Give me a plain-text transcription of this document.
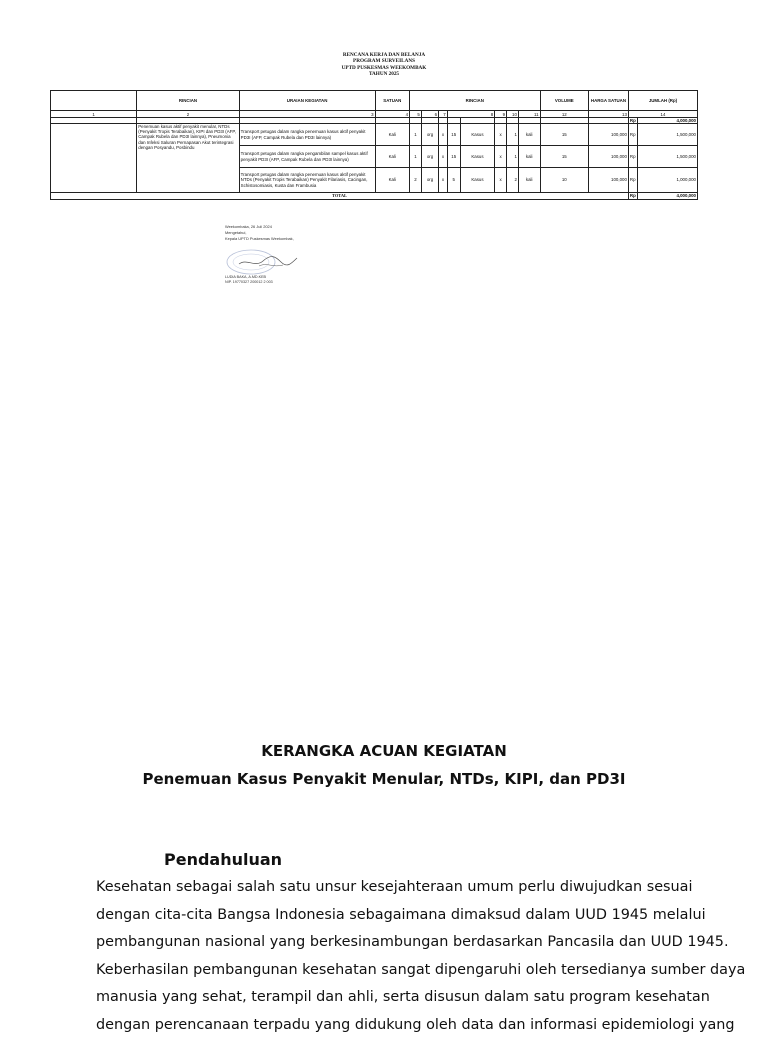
RENCANA KERJA DAN BELANJA
PROGRAM SURVEILANS
UPTD PUSKESMAS WEEKOMBAK
TAHUN 2025
	RINCIAN	URAIAN KEGIATAN	SATUAN	RINCIAN								VOLUME	HARGA SATUAN	JUMLAH (Rp)	
1	2	3	4	5	6	7	8		9	10	11	12	13	14	
														Rp	4,000,000
	Penemuan kasus aktif penyakit menular, NTDs (Penyakit Tropis Terabaikan), KIPI dan PD3I (AFP, Campak Rubela dan PD3I lainnya), Pneumonia dan Infeksi Saluran Pernapasan Akut terintegrasi dengan Posyandu, Posbindu	Transport petugas dalam rangka penemuan kasus aktif penyakit PD3I (AFP, Campak Rubela dan PD3I lainnya)	Kali	1	org	x	15	Kasus	x	1	kali	15	100,000	Rp	1,500,000
		Transport petugas dalam rangka pengambilan sampel kasus aktif penyakit PD3I (AFP, Campak Rubela dan PD3I lainnya)	Kali	1	org	x	15	Kasus	x	1	kali	15	100,000	Rp	1,500,000
		Transport petugas dalam rangka penemuan kasus aktif penyakit NTDs (Penyakit Tropis Terabaikan) Penyakit Filariasis, Cacingan, Schistosomiasis, Kusta dan Frambusia	Kali	2	org	x	5	Kasus	x	2	kali	10	100,000	Rp	1,000,000
TOTAL														Rp	4,000,000
Weekombaka, 26 Juli 2024
Mengetahui,
Kepala UPTD Puskesmas Weekombak,
LUDIA BAKA, A.MD.KEB
NIP. 19770327 200012 2 003
KERANGKA ACUAN KEGIATAN
Penemuan Kasus Penyakit Menular, NTDs, KIPI, dan PD3I
Pendahuluan
Kesehatan sebagai salah satu unsur kesejahteraan umum perlu diwujudkan sesuai
dengan cita-cita Bangsa Indonesia sebagaimana dimaksud dalam UUD 1945 melalui
pembangunan nasional yang berkesinambungan berdasarkan Pancasila dan UUD 1945.
Keberhasilan pembangunan kesehatan sangat dipengaruhi oleh tersedianya sumber daya
manusia yang sehat, terampil dan ahli, serta disusun dalam satu program kesehatan
dengan perencanaan terpadu yang didukung oleh data dan informasi epidemiologi yang
